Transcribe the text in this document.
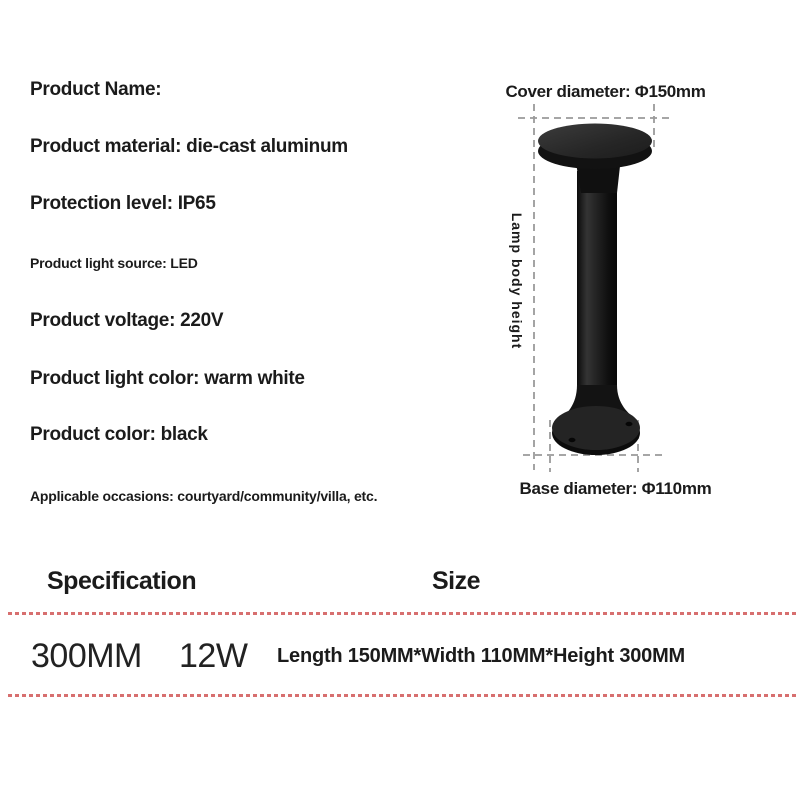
Product Name:
Product material: die-cast aluminum
Protection level: IP65
Product light source: LED
Product voltage: 220V
Product light color: warm white
Product color: black
Applicable occasions: courtyard/community/villa, etc.
Cover diameter: Φ150mm
Lamp body height
Base diameter: Φ110mm
Specification	Size
300MM 12W Length 150MM*Width 110MM*Height 300MM
